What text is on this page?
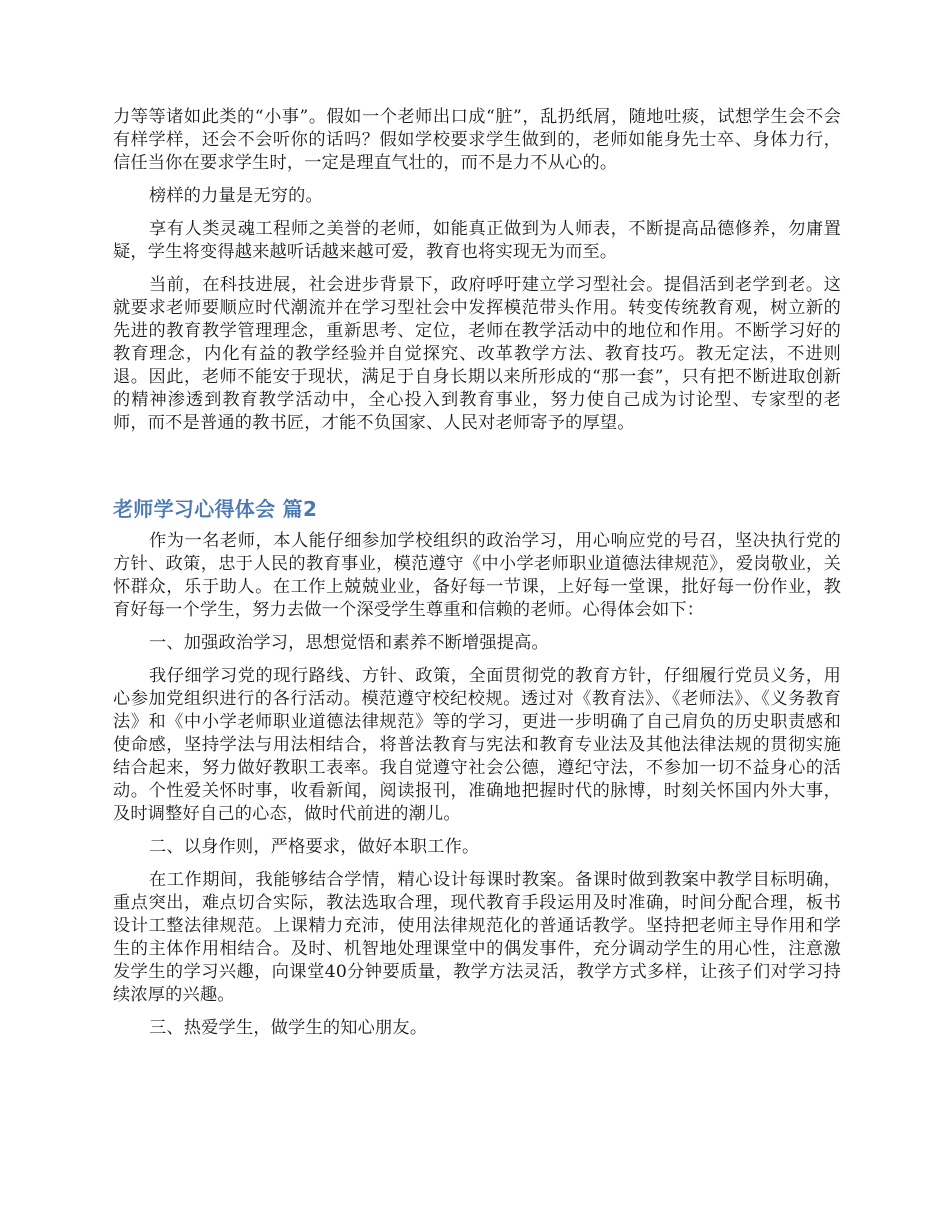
力等等诸如此类的“小事”。假如一个老师出口成“脏”，乱扔纸屑，随地吐痰，试想学生会不会有样学样，还会不会听你的话吗？假如学校要求学生做到的，老师如能身先士卒、身体力行，信任当你在要求学生时，一定是理直气壮的，而不是力不从心的。

榜样的力量是无穷的。

享有人类灵魂工程师之美誉的老师，如能真正做到为人师表，不断提高品德修养，勿庸置疑，学生将变得越来越听话越来越可爱，教育也将实现无为而至。

当前，在科技进展，社会进步背景下，政府呼吁建立学习型社会。提倡活到老学到老。这就要求老师要顺应时代潮流并在学习型社会中发挥模范带头作用。转变传统教育观，树立新的先进的教育教学管理理念，重新思考、定位，老师在教学活动中的地位和作用。不断学习好的教育理念，内化有益的教学经验并自觉探究、改革教学方法、教育技巧。教无定法，不进则退。因此，老师不能安于现状，满足于自身长期以来所形成的“那一套”，只有把不断进取创新的精神渗透到教育教学活动中，全心投入到教育事业，努力使自己成为讨论型、专家型的老师，而不是普通的教书匠，才能不负国家、人民对老师寄予的厚望。

老师学习心得体会 篇2

作为一名老师，本人能仔细参加学校组织的政治学习，用心响应党的号召，坚决执行党的方针、政策，忠于人民的教育事业，模范遵守《中小学老师职业道德法律规范》，爱岗敬业，关怀群众，乐于助人。在工作上兢兢业业，备好每一节课，上好每一堂课，批好每一份作业，教育好每一个学生，努力去做一个深受学生尊重和信赖的老师。心得体会如下：

一、加强政治学习，思想觉悟和素养不断增强提高。

我仔细学习党的现行路线、方针、政策，全面贯彻党的教育方针，仔细履行党员义务，用心参加党组织进行的各行活动。模范遵守校纪校规。透过对《教育法》、《老师法》、《义务教育法》和《中小学老师职业道德法律规范》等的学习，更进一步明确了自己肩负的历史职责感和使命感，坚持学法与用法相结合，将普法教育与宪法和教育专业法及其他法律法规的贯彻实施结合起来，努力做好教职工表率。我自觉遵守社会公德，遵纪守法，不参加一切不益身心的活动。个性爱关怀时事，收看新闻，阅读报刊，准确地把握时代的脉博，时刻关怀国内外大事，及时调整好自己的心态，做时代前进的潮儿。

二、以身作则，严格要求，做好本职工作。

在工作期间，我能够结合学情，精心设计每课时教案。备课时做到教案中教学目标明确，重点突出，难点切合实际，教法选取合理，现代教育手段运用及时准确，时间分配合理，板书设计工整法律规范。上课精力充沛，使用法律规范化的普通话教学。坚持把老师主导作用和学生的主体作用相结合。及时、机智地处理课堂中的偶发事件，充分调动学生的用心性，注意激发学生的学习兴趣，向课堂40分钟要质量，教学方法灵活，教学方式多样，让孩子们对学习持续浓厚的兴趣。

三、热爱学生，做学生的知心朋友。
